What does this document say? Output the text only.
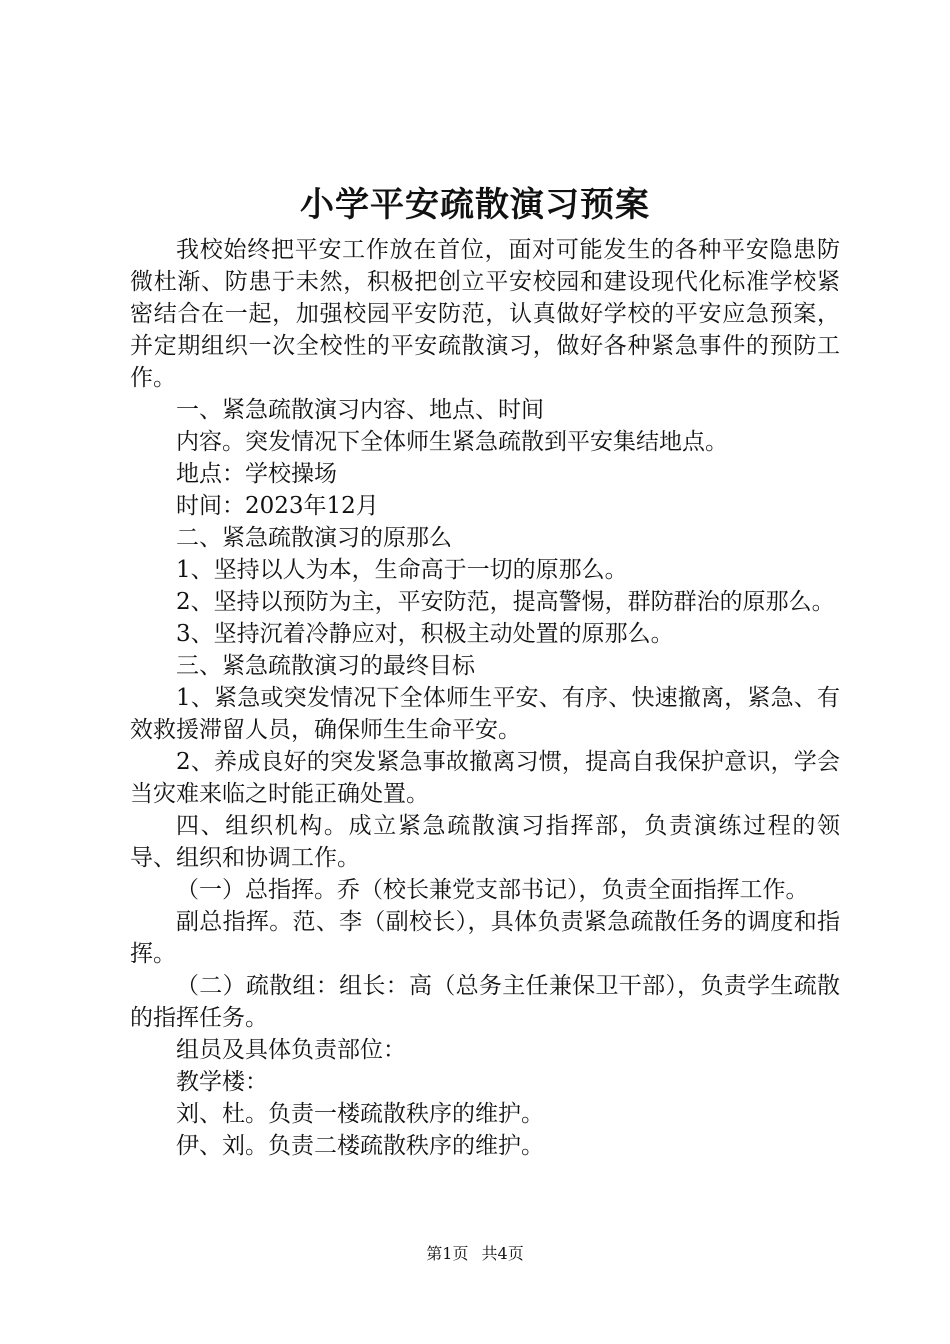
小学平安疏散演习预案

我校始终把平安工作放在首位，面对可能发生的各种平安隐患防微杜渐、防患于未然，积极把创立平安校园和建设现代化标准学校紧密结合在一起，加强校园平安防范，认真做好学校的平安应急预案，并定期组织一次全校性的平安疏散演习，做好各种紧急事件的预防工作。

一、紧急疏散演习内容、地点、时间

内容。突发情况下全体师生紧急疏散到平安集结地点。

地点：学校操场

时间：2023年12月

二、紧急疏散演习的原那么

1、坚持以人为本，生命高于一切的原那么。

2、坚持以预防为主，平安防范，提高警惕，群防群治的原那么。

3、坚持沉着冷静应对，积极主动处置的原那么。

三、紧急疏散演习的最终目标

1、紧急或突发情况下全体师生平安、有序、快速撤离，紧急、有效救援滞留人员，确保师生生命平安。

2、养成良好的突发紧急事故撤离习惯，提高自我保护意识，学会当灾难来临之时能正确处置。

四、组织机构。成立紧急疏散演习指挥部，负责演练过程的领导、组织和协调工作。

（一）总指挥。乔（校长兼党支部书记），负责全面指挥工作。

副总指挥。范、李（副校长），具体负责紧急疏散任务的调度和指挥。

（二）疏散组：组长：高（总务主任兼保卫干部），负责学生疏散的指挥任务。

组员及具体负责部位：

教学楼：

刘、杜。负责一楼疏散秩序的维护。

伊、刘。负责二楼疏散秩序的维护。

第1页 共4页
